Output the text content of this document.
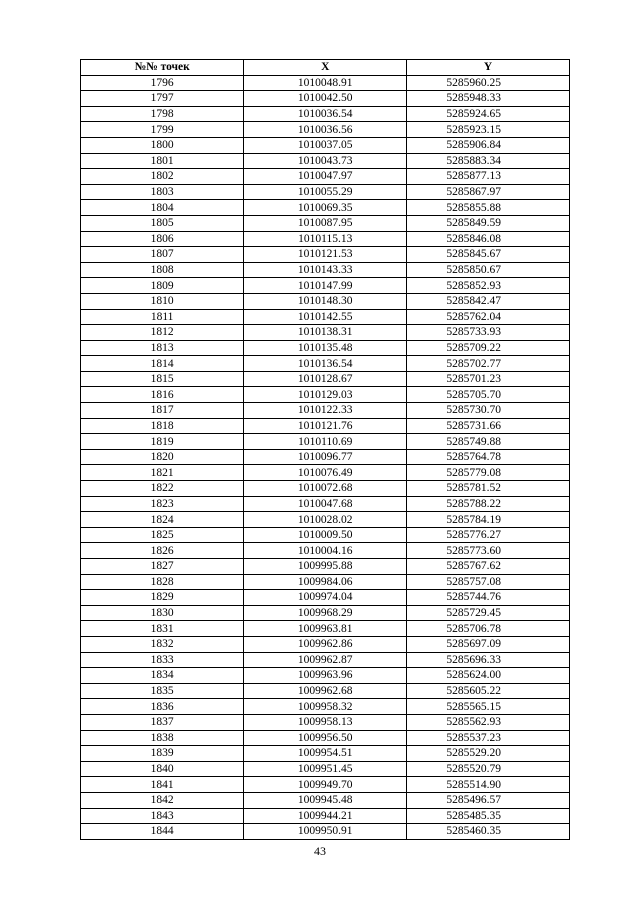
№№ точек	X	Y
1796	1010048.91	5285960.25
1797	1010042.50	5285948.33
1798	1010036.54	5285924.65
1799	1010036.56	5285923.15
1800	1010037.05	5285906.84
1801	1010043.73	5285883.34
1802	1010047.97	5285877.13
1803	1010055.29	5285867.97
1804	1010069.35	5285855.88
1805	1010087.95	5285849.59
1806	1010115.13	5285846.08
1807	1010121.53	5285845.67
1808	1010143.33	5285850.67
1809	1010147.99	5285852.93
1810	1010148.30	5285842.47
1811	1010142.55	5285762.04
1812	1010138.31	5285733.93
1813	1010135.48	5285709.22
1814	1010136.54	5285702.77
1815	1010128.67	5285701.23
1816	1010129.03	5285705.70
1817	1010122.33	5285730.70
1818	1010121.76	5285731.66
1819	1010110.69	5285749.88
1820	1010096.77	5285764.78
1821	1010076.49	5285779.08
1822	1010072.68	5285781.52
1823	1010047.68	5285788.22
1824	1010028.02	5285784.19
1825	1010009.50	5285776.27
1826	1010004.16	5285773.60
1827	1009995.88	5285767.62
1828	1009984.06	5285757.08
1829	1009974.04	5285744.76
1830	1009968.29	5285729.45
1831	1009963.81	5285706.78
1832	1009962.86	5285697.09
1833	1009962.87	5285696.33
1834	1009963.96	5285624.00
1835	1009962.68	5285605.22
1836	1009958.32	5285565.15
1837	1009958.13	5285562.93
1838	1009956.50	5285537.23
1839	1009954.51	5285529.20
1840	1009951.45	5285520.79
1841	1009949.70	5285514.90
1842	1009945.48	5285496.57
1843	1009944.21	5285485.35
1844	1009950.91	5285460.35
43
